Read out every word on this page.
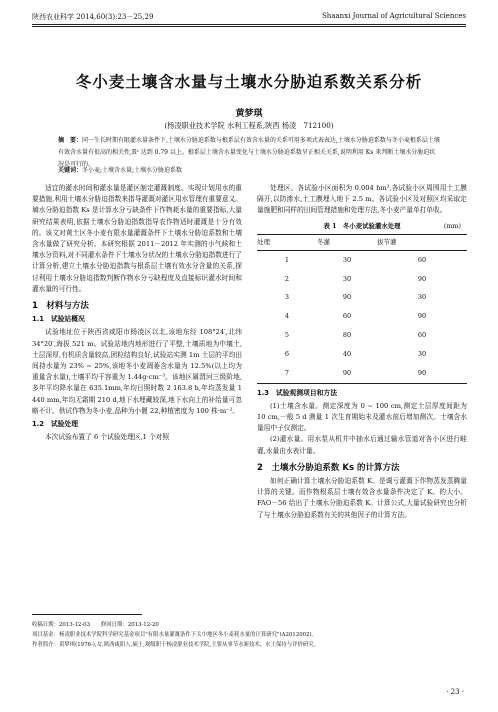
陕西农业科学 2014,60(3):23－25,29	Shaanxi Journal of Agricultural Sciences
冬小麦土壤含水量与土壤水分胁迫系数关系分析
黄梦琪
(杨凌职业技术学院 水利工程系,陕西 杨凌　712100)
摘　要：同一生长时期有限灌水量条件下,土壤水分胁迫系数与根系层有效含水量的关系可用多项式表表达,土壤水分胁迫系数与冬小麦根系层土壤有效含水量有很高的相关性,R² 达到 0.79 以上。根系层土壤含水量变化与土壤水分胁迫系数呈正相关关系,说明利用 Ks 来判断土壤水分胁迫状况是可行的。
关键词：冬小麦;土壤含水量;土壤水分胁迫系数

适宜的灌水时间和灌水量是灌区制定灌溉制度、实现计划用水的重要措施,利用土壤水分胁迫指数来指导灌溉对灌区用水管理有重要意义。墒水分胁迫指数 Ks 是计算水分亏缺条件下作物耗水量的重要指标,大量研究结果表明,依据土壤水分胁迫指数指导农作物适时灌溉是十分有效的。该文对黄土区冬小麦有限水量灌溉条件下土壤水分胁迫系数和土壤含水量做了研究分析。本研究根据 2011－2012 年实测的小气候和土壤水分资料,对不同灌水条件下土壤水分状况的土壤水分胁迫指数进行了计算分析,建立土壤水分胁迫指数与根系层土壤有效水分含量的关系,探讨利用土壤水分胁迫指数判断作物水分亏缺程度及直接标识灌水时间和灌水量的可行性。

1　材料与方法
1.1　试验站概况

试验地址位于陕西省咸阳市杨凌区以北,该地东经 108°24′,北纬 34°20′,海拔 521 m。试验站地内地形进行了平整,土壤质地为中壤土,土层深厚,有机质含量较高,团粒结构良好,试验站实测 1m 土层的平均田间持水量为 23% ~ 25%,该地冬小麦凋萎含水量为 12.5%(以上均为重量含水量),土壤平均干容重为 1.44g·cm⁻³。该地区属渭河三级阶地,多年平均降水量在 635.1mm,年均日照时数 2 163.8 h,年均蒸发量 1 440 mm,年均无霜期 210 d,地下水埋藏较深,地下水向上的补给量可忽略不计。供试作物为冬小麦,品种为小偃 22,种植密度为 100 株·m⁻²。

1.2　试验处理

本次试验布置了 6 个试验处理区,1 个对照

处理区。各试验小区面积为 0.004 hm²,各试验小区周围用土工膜隔开,以防渗水,土工膜埋入地下 2.5 m。各试验小区及对照区均采取定量施肥和同样的田间管理措施和处理方法,冬小麦产量单打单收。

表 1　冬小麦试验灌水处理	(mm)
处理	冬灌	拔节灌
1	30	60
2	30	90
3	90	30
4	60	90
5	80	60
6	40	30
7	90	90
1.3　试验观测项目和方法

(1)土壤含水量。测定深度为 0 ~ 100 cm,测定土层厚度间距为 10 cm,一般 5 d 测量 1 次生育期始末及灌水前后增加测次。土壤含水量用中子仪测定。

(2)灌水量。用水泵从机井中抽水后通过输水管道对各小区进行畦灌,水量由水表计量。

2　土壤水分胁迫系数 Ks 的计算方法

如何正确计算土壤水分胁迫系数 K。是调亏灌溉下作物蒸发蒸腾量计算的关键。而作物根系层土壤有效含水量条件决定了 K。的大小。FAO－56 给出了土壤水分胁迫系数 K。计算公式,大量试验研究也分析了与土壤水分胁迫系数有关的其他因子的计算方法。

收稿日期：2013-12-03　　修回日期：2013-12-20
项目基金：杨凌职业技术学院科学研究基金项目"有限水量灌溉条件下关中地区冬小麦耗水量的计算研究"(A2012002)。
作者简介：黄梦琪(1976-),女,陕西咸阳人,硕士,观级职于杨凌职业技术学院,主要从事节水新技术、水土保持与评价研究。
· 23 ·
